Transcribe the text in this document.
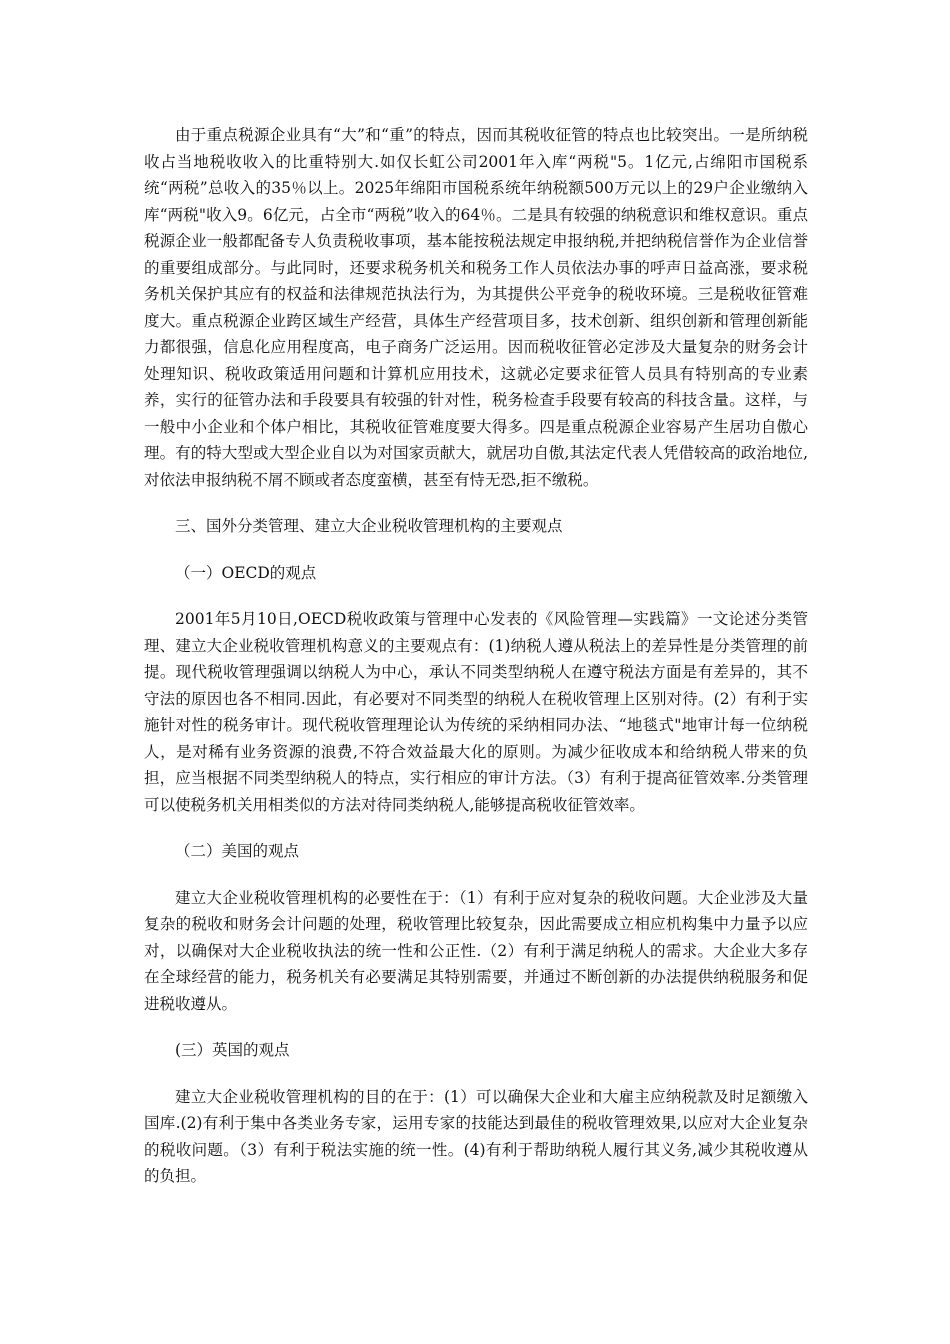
由于重点税源企业具有“大”和“重”的特点，因而其税收征管的特点也比较突出。一是所纳税收占当地税收收入的比重特别大.如仅长虹公司2001年入库“两税"5。1亿元,占绵阳市国税系统“两税”总收入的35％以上。2025年绵阳市国税系统年纳税额500万元以上的29户企业缴纳入库“两税"收入9。6亿元，占全市“两税”收入的64％。二是具有较强的纳税意识和维权意识。重点税源企业一般都配备专人负责税收事项，基本能按税法规定申报纳税,并把纳税信誉作为企业信誉的重要组成部分。与此同时，还要求税务机关和税务工作人员依法办事的呼声日益高涨，要求税务机关保护其应有的权益和法律规范执法行为，为其提供公平竞争的税收环境。三是税收征管难度大。重点税源企业跨区域生产经营，具体生产经营项目多，技术创新、组织创新和管理创新能力都很强，信息化应用程度高，电子商务广泛运用。因而税收征管必定涉及大量复杂的财务会计处理知识、税收政策适用问题和计算机应用技术，这就必定要求征管人员具有特别高的专业素养，实行的征管办法和手段要具有较强的针对性，税务检查手段要有较高的科技含量。这样，与一般中小企业和个体户相比，其税收征管难度要大得多。四是重点税源企业容易产生居功自傲心理。有的特大型或大型企业自以为对国家贡献大，就居功自傲,其法定代表人凭借较高的政治地位,对依法申报纳税不屑不顾或者态度蛮横，甚至有恃无恐,拒不缴税。

三、国外分类管理、建立大企业税收管理机构的主要观点

（一）OECD的观点

2001年5月10日,OECD税收政策与管理中心发表的《风险管理—实践篇》一文论述分类管理、建立大企业税收管理机构意义的主要观点有：(1)纳税人遵从税法上的差异性是分类管理的前提。现代税收管理强调以纳税人为中心，承认不同类型纳税人在遵守税法方面是有差异的，其不守法的原因也各不相同.因此，有必要对不同类型的纳税人在税收管理上区别对待。(2）有利于实施针对性的税务审计。现代税收管理理论认为传统的采纳相同办法、“地毯式"地审计每一位纳税人，是对稀有业务资源的浪费,不符合效益最大化的原则。为减少征收成本和给纳税人带来的负担，应当根据不同类型纳税人的特点，实行相应的审计方法。（3）有利于提高征管效率.分类管理可以使税务机关用相类似的方法对待同类纳税人,能够提高税收征管效率。

（二）美国的观点

建立大企业税收管理机构的必要性在于：（1）有利于应对复杂的税收问题。大企业涉及大量复杂的税收和财务会计问题的处理，税收管理比较复杂，因此需要成立相应机构集中力量予以应对，以确保对大企业税收执法的统一性和公正性.（2）有利于满足纳税人的需求。大企业大多存在全球经营的能力，税务机关有必要满足其特别需要，并通过不断创新的办法提供纳税服务和促进税收遵从。

(三）英国的观点

建立大企业税收管理机构的目的在于：(1）可以确保大企业和大雇主应纳税款及时足额缴入国库.(2)有利于集中各类业务专家，运用专家的技能达到最佳的税收管理效果,以应对大企业复杂的税收问题。（3）有利于税法实施的统一性。(4)有利于帮助纳税人履行其义务,减少其税收遵从的负担。
